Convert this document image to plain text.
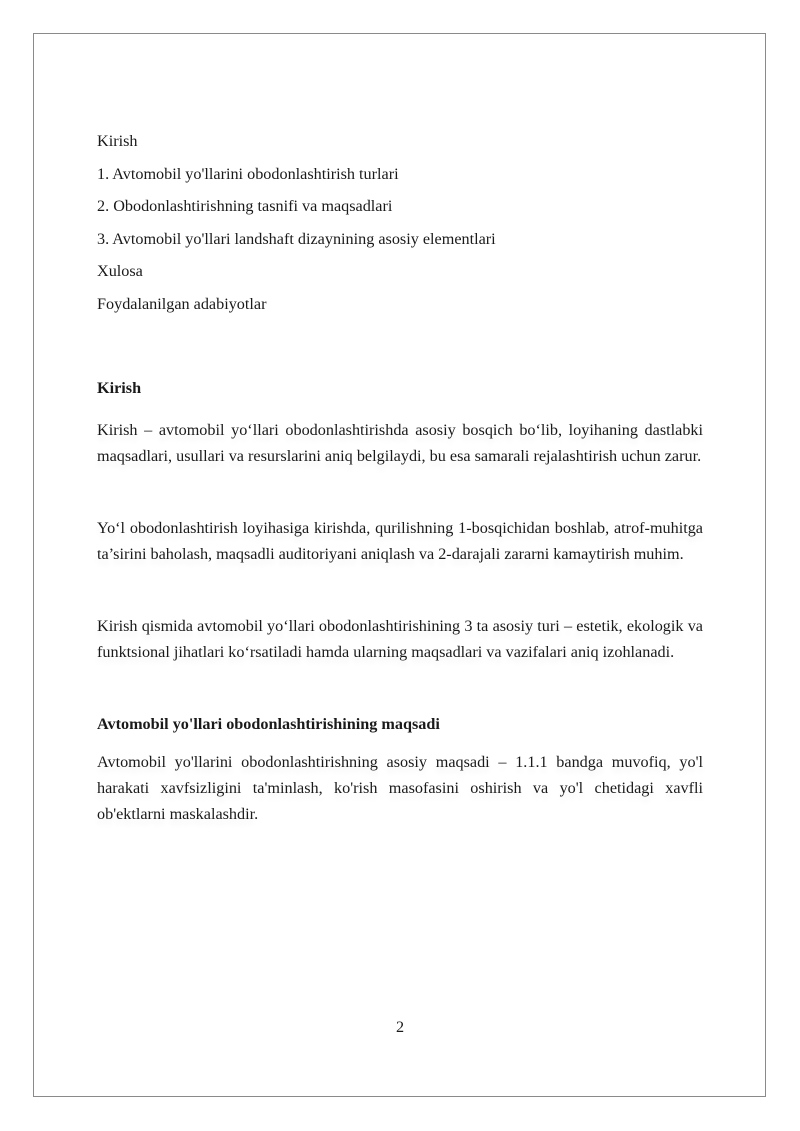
Kirish

1. Avtomobil yo'llarini obodonlashtirish turlari

2. Obodonlashtirishning tasnifi va maqsadlari

3. Avtomobil yo'llari landshaft dizaynining asosiy elementlari

Xulosa

Foydalanilgan adabiyotlar

Kirish

Kirish – avtomobil yo‘llari obodonlashtirishda asosiy bosqich bo‘lib, loyihaning dastlabki maqsadlari, usullari va resurslarini aniq belgilaydi, bu esa samarali rejalashtirish uchun zarur.

Yo‘l obodonlashtirish loyihasiga kirishda, qurilishning 1-bosqichidan boshlab, atrof-muhitga ta’sirini baholash, maqsadli auditoriyani aniqlash va 2-darajali zararni kamaytirish muhim.

Kirish qismida avtomobil yo‘llari obodonlashtirishining 3 ta asosiy turi – estetik, ekologik va funktsional jihatlari ko‘rsatiladi hamda ularning maqsadlari va vazifalari aniq izohlanadi.

Avtomobil yo'llari obodonlashtirishining maqsadi

Avtomobil yo'llarini obodonlashtirishning asosiy maqsadi – 1.1.1 bandga muvofiq, yo'l harakati xavfsizligini ta'minlash, ko'rish masofasini oshirish va yo'l chetidagi xavfli ob'ektlarni maskalashdir.

2
